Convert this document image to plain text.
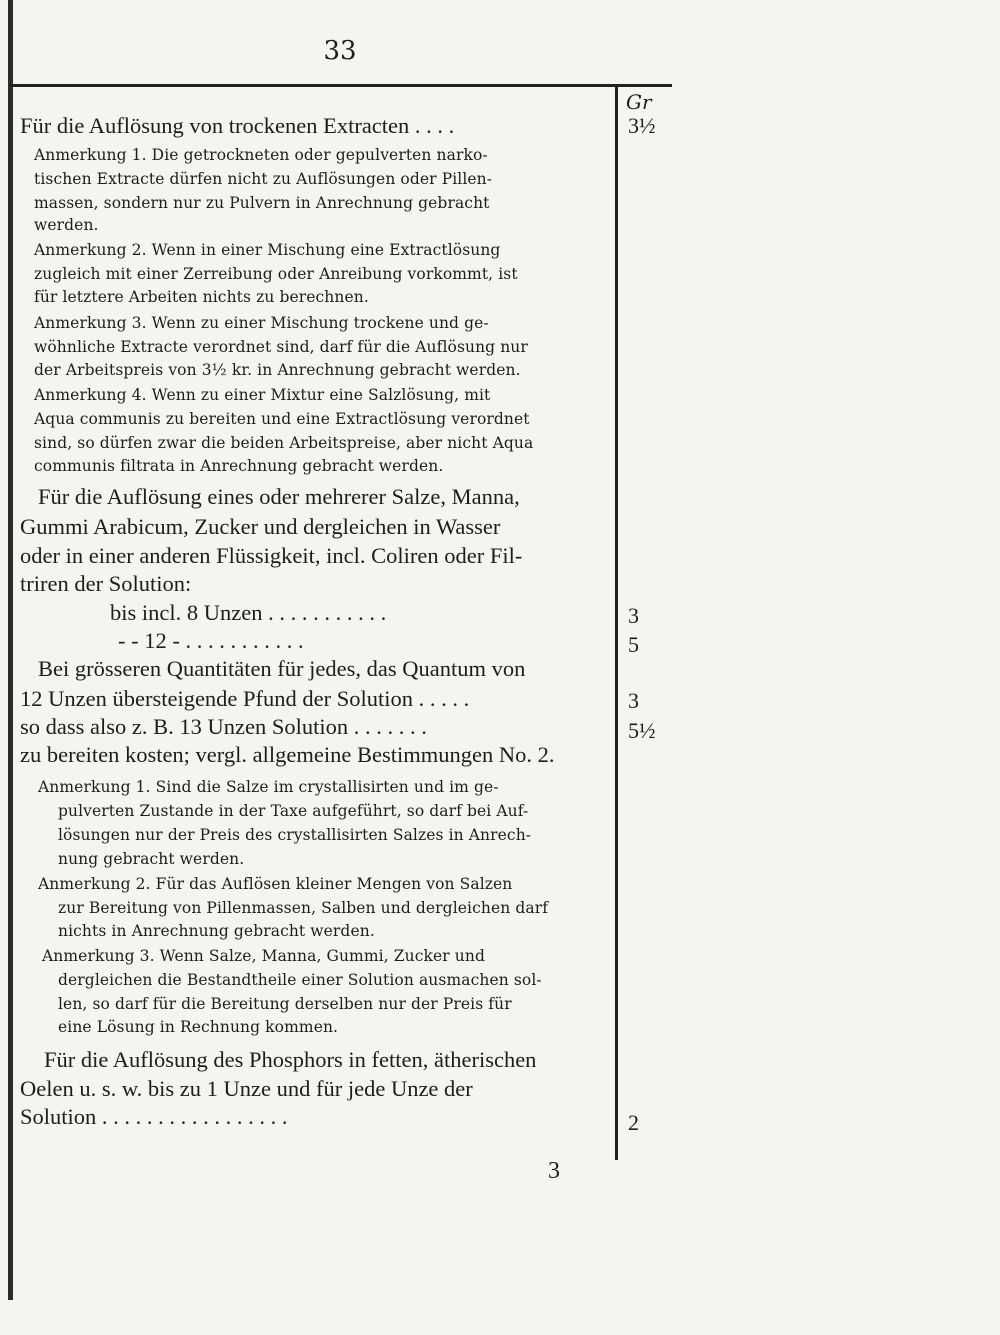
33
Gr
Für die Auflösung von trockenen Extracten . . . .	3½
Anmerkung 1. Die getrockneten oder gepulverten narko-
tischen Extracte dürfen nicht zu Auflösungen oder Pillen-
massen, sondern nur zu Pulvern in Anrechnung gebracht
werden.
Anmerkung 2. Wenn in einer Mischung eine Extractlösung
zugleich mit einer Zerreibung oder Anreibung vorkommt, ist
für letztere Arbeiten nichts zu berechnen.
Anmerkung 3. Wenn zu einer Mischung trockene und ge-
wöhnliche Extracte verordnet sind, darf für die Auflösung nur
der Arbeitspreis von 3½ kr. in Anrechnung gebracht werden.
Anmerkung 4. Wenn zu einer Mixtur eine Salzlösung, mit
Aqua communis zu bereiten und eine Extractlösung verordnet
sind, so dürfen zwar die beiden Arbeitspreise, aber nicht Aqua
communis filtrata in Anrechnung gebracht werden.
Für die Auflösung eines oder mehrerer Salze, Manna,
Gummi Arabicum, Zucker und dergleichen in Wasser
oder in einer anderen Flüssigkeit, incl. Coliren oder Fil-
triren der Solution:
bis incl. 8 Unzen . . . . . . . . . . .	3
- - 12 - . . . . . . . . . . .	5
Bei grösseren Quantitäten für jedes, das Quantum von
12 Unzen übersteigende Pfund der Solution . . . . .	3
so dass also z. B. 13 Unzen Solution . . . . . . .	5½
zu bereiten kosten; vergl. allgemeine Bestimmungen No. 2.
Anmerkung 1. Sind die Salze im crystallisirten und im ge-
pulverten Zustande in der Taxe aufgeführt, so darf bei Auf-
lösungen nur der Preis des crystallisirten Salzes in Anrech-
nung gebracht werden.
Anmerkung 2. Für das Auflösen kleiner Mengen von Salzen
zur Bereitung von Pillenmassen, Salben und dergleichen darf
nichts in Anrechnung gebracht werden.
Anmerkung 3. Wenn Salze, Manna, Gummi, Zucker und
dergleichen die Bestandtheile einer Solution ausmachen sol-
len, so darf für die Bereitung derselben nur der Preis für
eine Lösung in Rechnung kommen.
Für die Auflösung des Phosphors in fetten, ätherischen
Oelen u. s. w. bis zu 1 Unze und für jede Unze der
Solution . . . . . . . . . . . . . . . . .	2
3
